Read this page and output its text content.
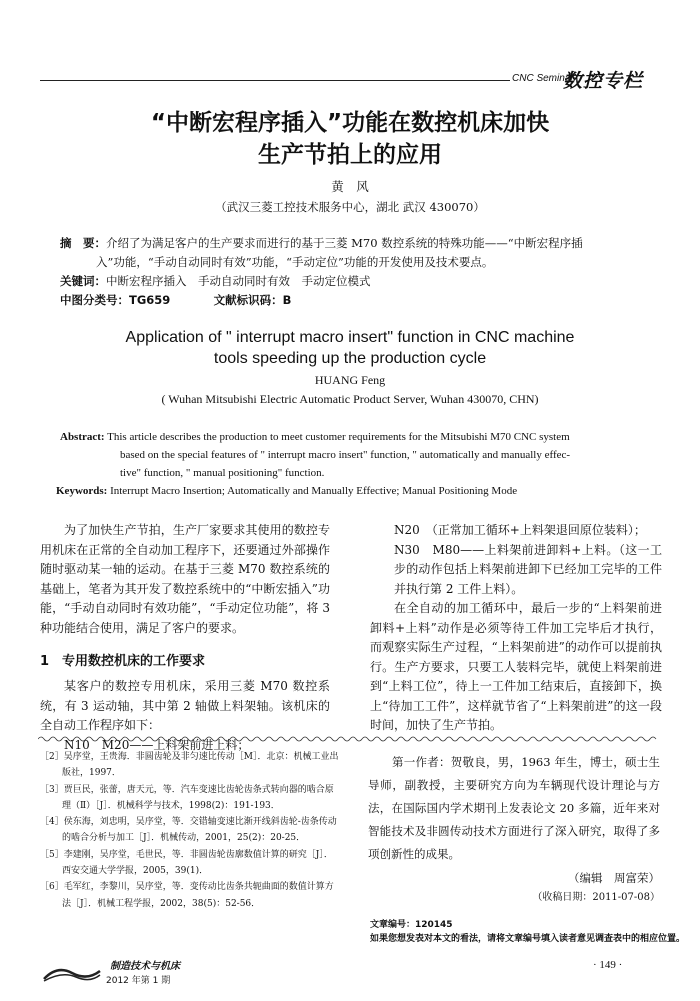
CNC Seminar
数控专栏
“中断宏程序插入”功能在数控机床加快
生产节拍上的应用
黄　风
（武汉三菱工控技术服务中心，湖北 武汉 430070）
摘　要：介绍了为满足客户的生产要求而进行的基于三菱 M70 数控系统的特殊功能——“中断宏程序插
入”功能，“手动自动同时有效”功能，“手动定位”功能的开发使用及技术要点。
关键词：中断宏程序插入　手动自动同时有效　手动定位模式
中图分类号：TG659	文献标识码：B
Application of " interrupt macro insert" function in CNC machine
tools speeding up the production cycle
HUANG Feng
( Wuhan Mitsubishi Electric Automatic Product Server, Wuhan 430070, CHN)
Abstract: This article describes the production to meet customer requirements for the Mitsubishi M70 CNC system
based on the special features of " interrupt macro insert" function, " automatically and manually effec-
tive" function, " manual positioning" function.
Keywords: Interrupt Macro Insertion; Automatically and Manually Effective; Manual Positioning Mode

为了加快生产节拍，生产厂家要求其使用的数控专用机床在正常的全自动加工程序下，还要通过外部操作随时驱动某一轴的运动。在基于三菱 M70 数控系统的基础上，笔者为其开发了数控系统中的“中断宏插入”功能，“手动自动同时有效功能”，“手动定位功能”，将 3 种功能结合使用，满足了客户的要求。

1　专用数控机床的工作要求

某客户的数控专用机床，采用三菱 M70 数控系统，有 3 运动轴，其中第 2 轴做上料架轴。该机床的全自动工作程序如下：

N10　M20——上料架前进上料；

N20　（正常加工循环+上料架退回原位装料）；

N30　M80——上料架前进卸料+上料。（这一工步的动作包括上料架前进卸下已经加工完毕的工件并执行第 2 工件上料）。

在全自动的加工循环中，最后一步的“上料架前进卸料+上料”动作是必须等待工件加工完毕后才执行，而观察实际生产过程，“上料架前进”的动作可以提前执行。生产方要求，只要工人装料完毕，就使上料架前进到“上料工位”，待上一工件加工结束后，直接卸下，换上“待加工工件”，这样就节省了“上料架前进”的这一段时间，加快了生产节拍。

［2］吴序堂，王贵海．非圆齿轮及非匀速比传动［M］．北京：机械工业出版社，1997．

［3］贾巨民，张蕾，唐天元，等．汽车变速比齿轮齿条式转向器的啮合原理（Ⅱ）［J］．机械科学与技术，1998(2)：191-193．

［4］侯东海，刘忠明，吴序堂，等．交错轴变速比渐开线斜齿轮-齿条传动的啮合分析与加工［J］．机械传动，2001，25(2)：20-25．

［5］李建刚，吴序堂，毛世民，等．非圆齿轮齿廓数值计算的研究［J］．西安交通大学学报，2005，39(1)．

［6］毛军红，李黎川，吴序堂，等．变传动比齿条共轭曲面的数值计算方法［J］．机械工程学报，2002，38(5)：52-56．

第一作者：贺敬良，男，1963 年生，博士，硕士生导师，副教授，主要研究方向为车辆现代设计理论与方法，在国际国内学术期刊上发表论文 20 多篇，近年来对智能技术及非圆传动技术方面进行了深入研究，取得了多项创新性的成果。

（编辑　周富荣）
（收稿日期：2011-07-08）
文章编号：120145
如果您想发表对本文的看法，请将文章编号填入读者意见调查表中的相应位置。
制造技术与机床
2012 年第 1 期
· 149 ·
